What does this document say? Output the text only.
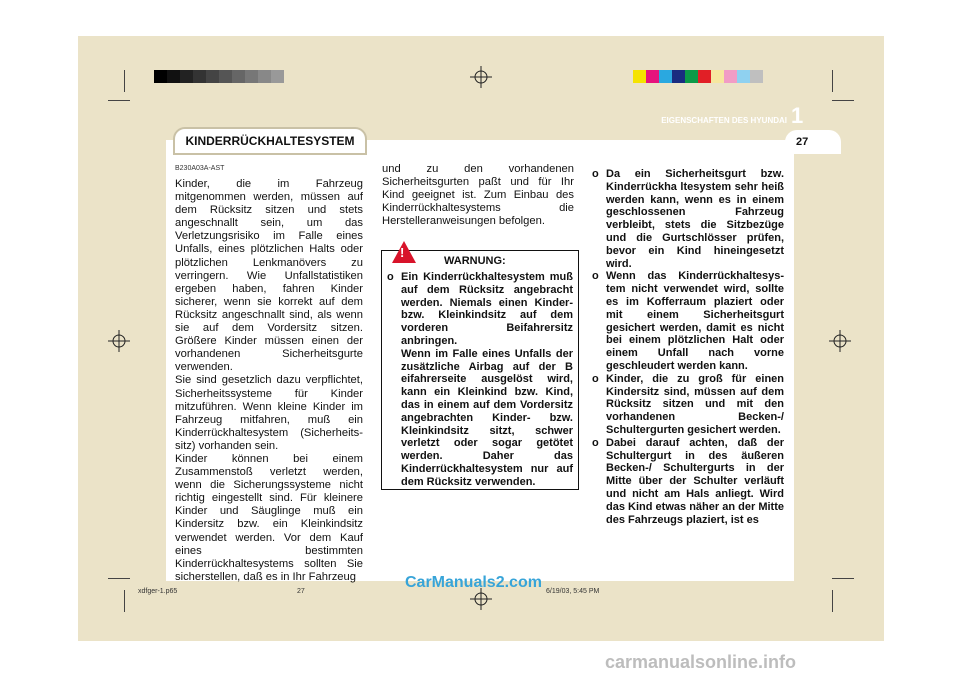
KINDERRÜCKHALTESYSTEM
1
EIGENSCHAFTEN DES HYUNDAI
27
B230A03A-AST
Kinder, die im Fahrzeug mitgenommen werden, müssen auf dem Rücksitz sitzen und stets angeschnallt sein, um das Verletzungsrisiko im Falle eines Unfalls, eines plötzlichen Halts oder plötzlichen Lenkmanövers zu verringern. Wie Unfallstatistiken ergeben haben, fahren Kinder sicherer, wenn sie korrekt auf dem Rücksitz angeschnallt sind, als wenn sie auf dem Vordersitz sitzen. Größere Kinder müssen einen der vorhandenen Sicherheitsgurte verwenden.
Sie sind gesetzlich dazu verpflichtet, Sicherheitssysteme für Kinder mitzuführen. Wenn kleine Kinder im Fahrzeug mitfahren, muß ein Kinderrückhaltesystem (Sicherheits-sitz) vorhanden sein.
Kinder können bei einem Zusammenstoß verletzt werden, wenn die Sicherungssysteme nicht richtig eingestellt sind. Für kleinere Kinder und Säuglinge muß ein Kindersitz bzw. ein Kleinkindsitz verwendet werden. Vor dem Kauf eines bestimmten Kinderrückhaltesystems sollten Sie sicherstellen, daß es in Ihr Fahrzeug
und zu den vorhandenen Sicherheitsgurten paßt und für Ihr Kind geeignet ist. Zum Einbau des Kinderrückhaltesystems die Herstelleranweisungen befolgen.
!
WARNUNG:
o Ein Kinderrückhaltesystem muß auf dem Rücksitz angebracht werden. Niemals einen Kinder-bzw. Kleinkindsitz auf dem vorderen Beifahrersitz anbringen.
Wenn im Falle eines Unfalls der zusätzliche Airbag auf der B eifahrerseite ausgelöst wird, kann ein Kleinkind bzw. Kind, das in einem auf dem Vordersitz angebrachten Kinder- bzw. Kleinkindsitz sitzt, schwer verletzt oder sogar getötet werden. Daher das Kinderrückhaltesystem nur auf dem Rücksitz verwenden.
o Da ein Sicherheitsgurt bzw. Kinderrückha ltesystem sehr heiß werden kann, wenn es in einem geschlossenen Fahrzeug verbleibt, stets die Sitzbezüge und die Gurtschlösser prüfen, bevor ein Kind hineingesetzt wird.
o Wenn das Kinderrückhaltesys-tem nicht verwendet wird, sollte es im Kofferraum plaziert oder mit einem Sicherheitsgurt gesichert werden, damit es nicht bei einem plötzlichen Halt oder einem Unfall nach vorne geschleudert werden kann.
o Kinder, die zu groß für einen Kindersitz sind, müssen auf dem Rücksitz sitzen und mit den vorhandenen Becken-/ Schultergurten gesichert werden.
o Dabei darauf achten, daß der Schultergurt in des äußeren Becken-/ Schultergurts in der Mitte über der Schulter verläuft und nicht am Hals anliegt. Wird das Kind etwas näher an der Mitte des Fahrzeugs plaziert, ist es
xdfger-1.p65	27	6/19/03, 5:45 PM
CarManuals2.com
carmanualsonline.info
